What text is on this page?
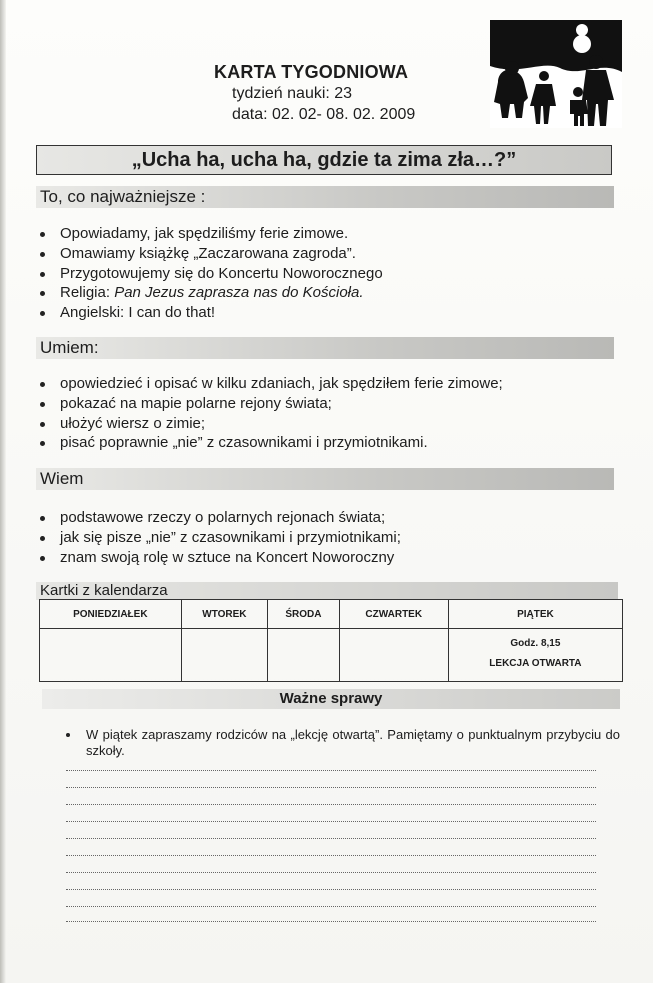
KARTA TYGODNIOWA
tydzień nauki: 23
data: 02. 02- 08. 02. 2009
„Ucha ha, ucha ha, gdzie ta zima zła…?”
To, co najważniejsze :
Opowiadamy, jak spędziliśmy ferie zimowe.
Omawiamy książkę „Zaczarowana zagroda”.
Przygotowujemy się do Koncertu Noworocznego
Religia: Pan Jezus zaprasza nas do Kościoła.
Angielski: I can do that!
Umiem:
opowiedzieć i opisać w kilku zdaniach, jak spędziłem ferie zimowe;
pokazać na mapie polarne rejony świata;
ułożyć wiersz o zimie;
pisać poprawnie „nie” z czasownikami i przymiotnikami.
Wiem
podstawowe rzeczy o polarnych rejonach świata;
jak się pisze „nie” z czasownikami i przymiotnikami;
znam swoją rolę w sztuce na Koncert Noworoczny
Kartki z kalendarza
PONIEDZIAŁEK	WTOREK	ŚRODA	CZWARTEK	PIĄTEK

				Godz. 8,15
LEKCJA OTWARTA
Ważne sprawy
W piątek zapraszamy rodziców na „lekcję otwartą”. Pamiętamy o punktualnym przybyciu do szkoły.
